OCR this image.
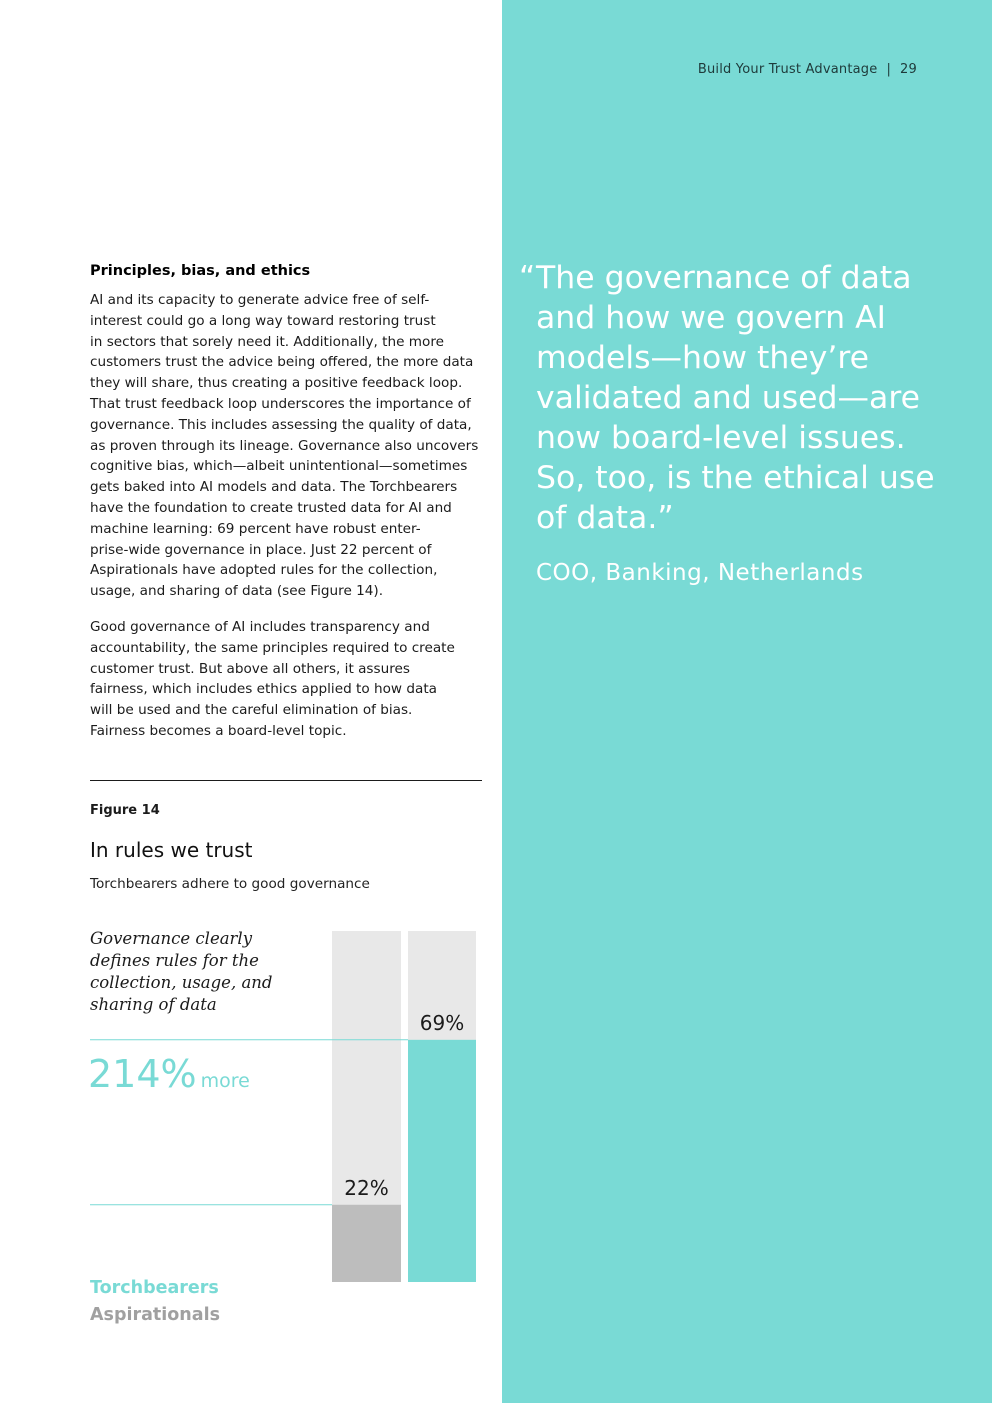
Build Your Trust Advantage | 29
“ The governance of data and how we govern AI models—how they’re validated and used—are now board-level issues. So, too, is the ethical use of data.”
COO, Banking, Netherlands
Principles, bias, and ethics
AI and its capacity to generate advice free of self-
interest could go a long way toward restoring trust
in sectors that sorely need it. Additionally, the more
customers trust the advice being offered, the more data
they will share, thus creating a positive feedback loop.
That trust feedback loop underscores the importance of
governance. This includes assessing the quality of data,
as proven through its lineage. Governance also uncovers
cognitive bias, which—albeit unintentional—sometimes
gets baked into AI models and data. The Torchbearers
have the foundation to create trusted data for AI and
machine learning: 69 percent have robust enter-
prise-wide governance in place. Just 22 percent of
Aspirationals have adopted rules for the collection,
usage, and sharing of data (see Figure 14).
Good governance of AI includes transparency and
accountability, the same principles required to create
customer trust. But above all others, it assures
fairness, which includes ethics applied to how data
will be used and the careful elimination of bias.
Fairness becomes a board-level topic.
Figure 14
In rules we trust
Torchbearers adhere to good governance
Governance clearly
defines rules for the
collection, usage, and
sharing of data
22%
69%
214% more
Torchbearers
Aspirationals
